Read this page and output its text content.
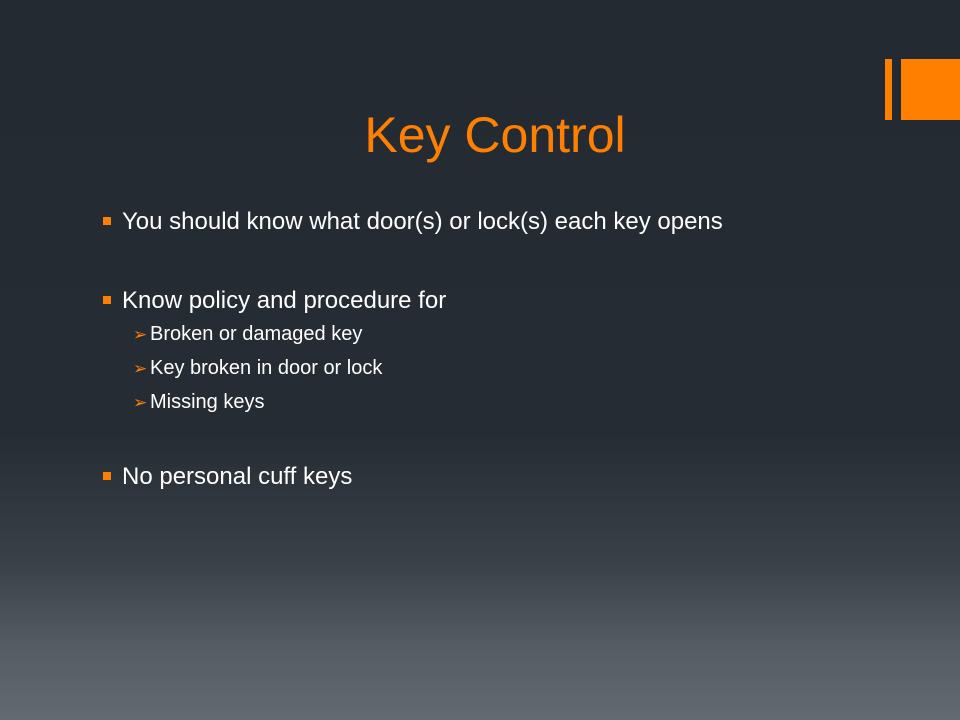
Key Control
You should know what door(s) or lock(s) each key opens
Know policy and procedure for
➢ Broken or damaged key
➢ Key broken in door or lock
➢ Missing keys
No personal cuff keys
